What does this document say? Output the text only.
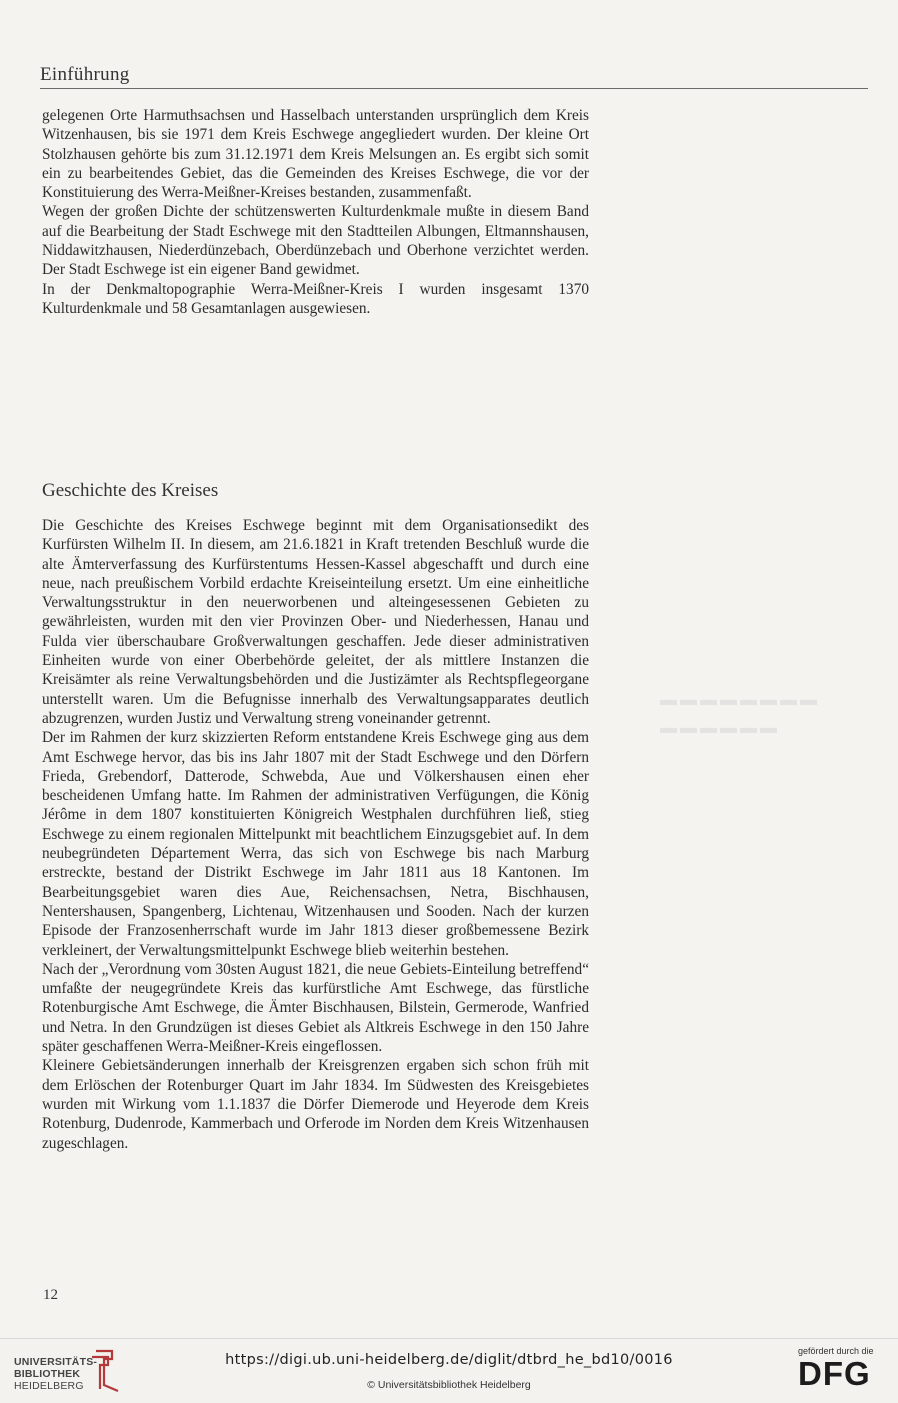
Einführung
▬▬▬▬▬▬▬▬
▬▬▬▬▬▬

gelegenen Orte Harmuthsachsen und Hasselbach unterstanden ursprünglich dem Kreis Witzenhausen, bis sie 1971 dem Kreis Eschwege angegliedert wurden. Der kleine Ort Stolzhausen gehörte bis zum 31.12.1971 dem Kreis Melsungen an. Es ergibt sich somit ein zu bearbeitendes Gebiet, das die Gemeinden des Kreises Eschwege, die vor der Konstituierung des Werra-Meißner-Kreises bestanden, zusammenfaßt.

Wegen der großen Dichte der schützenswerten Kulturdenkmale mußte in diesem Band auf die Bearbeitung der Stadt Eschwege mit den Stadtteilen Albungen, Eltmannshausen, Niddawitzhausen, Niederdünzebach, Oberdünzebach und Oberhone verzichtet werden. Der Stadt Eschwege ist ein eigener Band gewidmet.

In der Denkmaltopographie Werra-Meißner-Kreis I wurden insgesamt 1370 Kulturdenkmale und 58 Gesamtanlagen ausgewiesen.

Geschichte des Kreises

Die Geschichte des Kreises Eschwege beginnt mit dem Organisationsedikt des Kurfürsten Wilhelm II. In diesem, am 21.6.1821 in Kraft tretenden Beschluß wurde die alte Ämterverfassung des Kurfürstentums Hessen-Kassel abgeschafft und durch eine neue, nach preußischem Vorbild erdachte Kreiseinteilung ersetzt. Um eine einheitliche Verwaltungsstruktur in den neuerworbenen und alteingesessenen Gebieten zu gewährleisten, wurden mit den vier Provinzen Ober- und Niederhessen, Hanau und Fulda vier überschaubare Großverwaltungen geschaffen. Jede dieser administrativen Einheiten wurde von einer Oberbehörde geleitet, der als mittlere Instanzen die Kreisämter als reine Verwaltungsbehörden und die Justizämter als Rechtspflegeorgane unterstellt waren. Um die Befugnisse innerhalb des Verwaltungsapparates deutlich abzugrenzen, wurden Justiz und Verwaltung streng voneinander getrennt.

Der im Rahmen der kurz skizzierten Reform entstandene Kreis Eschwege ging aus dem Amt Eschwege hervor, das bis ins Jahr 1807 mit der Stadt Eschwege und den Dörfern Frieda, Grebendorf, Datterode, Schwebda, Aue und Völkershausen einen eher bescheidenen Umfang hatte. Im Rahmen der administrativen Verfügungen, die König Jérôme in dem 1807 konstituierten Königreich Westphalen durchführen ließ, stieg Eschwege zu einem regionalen Mittelpunkt mit beachtlichem Einzugsgebiet auf. In dem neubegründeten Département Werra, das sich von Eschwege bis nach Marburg erstreckte, bestand der Distrikt Eschwege im Jahr 1811 aus 18 Kantonen. Im Bearbeitungsgebiet waren dies Aue, Reichensachsen, Netra, Bischhausen, Nentershausen, Spangenberg, Lichtenau, Witzenhausen und Sooden. Nach der kurzen Episode der Franzosenherrschaft wurde im Jahr 1813 dieser großbemessene Bezirk verkleinert, der Verwaltungsmittelpunkt Eschwege blieb weiterhin bestehen.

Nach der „Verordnung vom 30sten August 1821, die neue Gebiets-Einteilung betreffend“ umfaßte der neugegründete Kreis das kurfürstliche Amt Eschwege, das fürstliche Rotenburgische Amt Eschwege, die Ämter Bischhausen, Bilstein, Germerode, Wanfried und Netra. In den Grundzügen ist dieses Gebiet als Altkreis Eschwege in den 150 Jahre später geschaffenen Werra-Meißner-Kreis eingeflossen.

Kleinere Gebietsänderungen innerhalb der Kreisgrenzen ergaben sich schon früh mit dem Erlöschen der Rotenburger Quart im Jahr 1834. Im Südwesten des Kreisgebietes wurden mit Wirkung vom 1.1.1837 die Dörfer Diemerode und Heyerode dem Kreis Rotenburg, Dudenrode, Kammerbach und Orferode im Norden dem Kreis Witzenhausen zugeschlagen.

12
UNIVERSITÄTS-
BIBLIOTHEK
HEIDELBERG
https://digi.ub.uni-heidelberg.de/diglit/dtbrd_he_bd10/0016
© Universitätsbibliothek Heidelberg
gefördert durch die
DFG
